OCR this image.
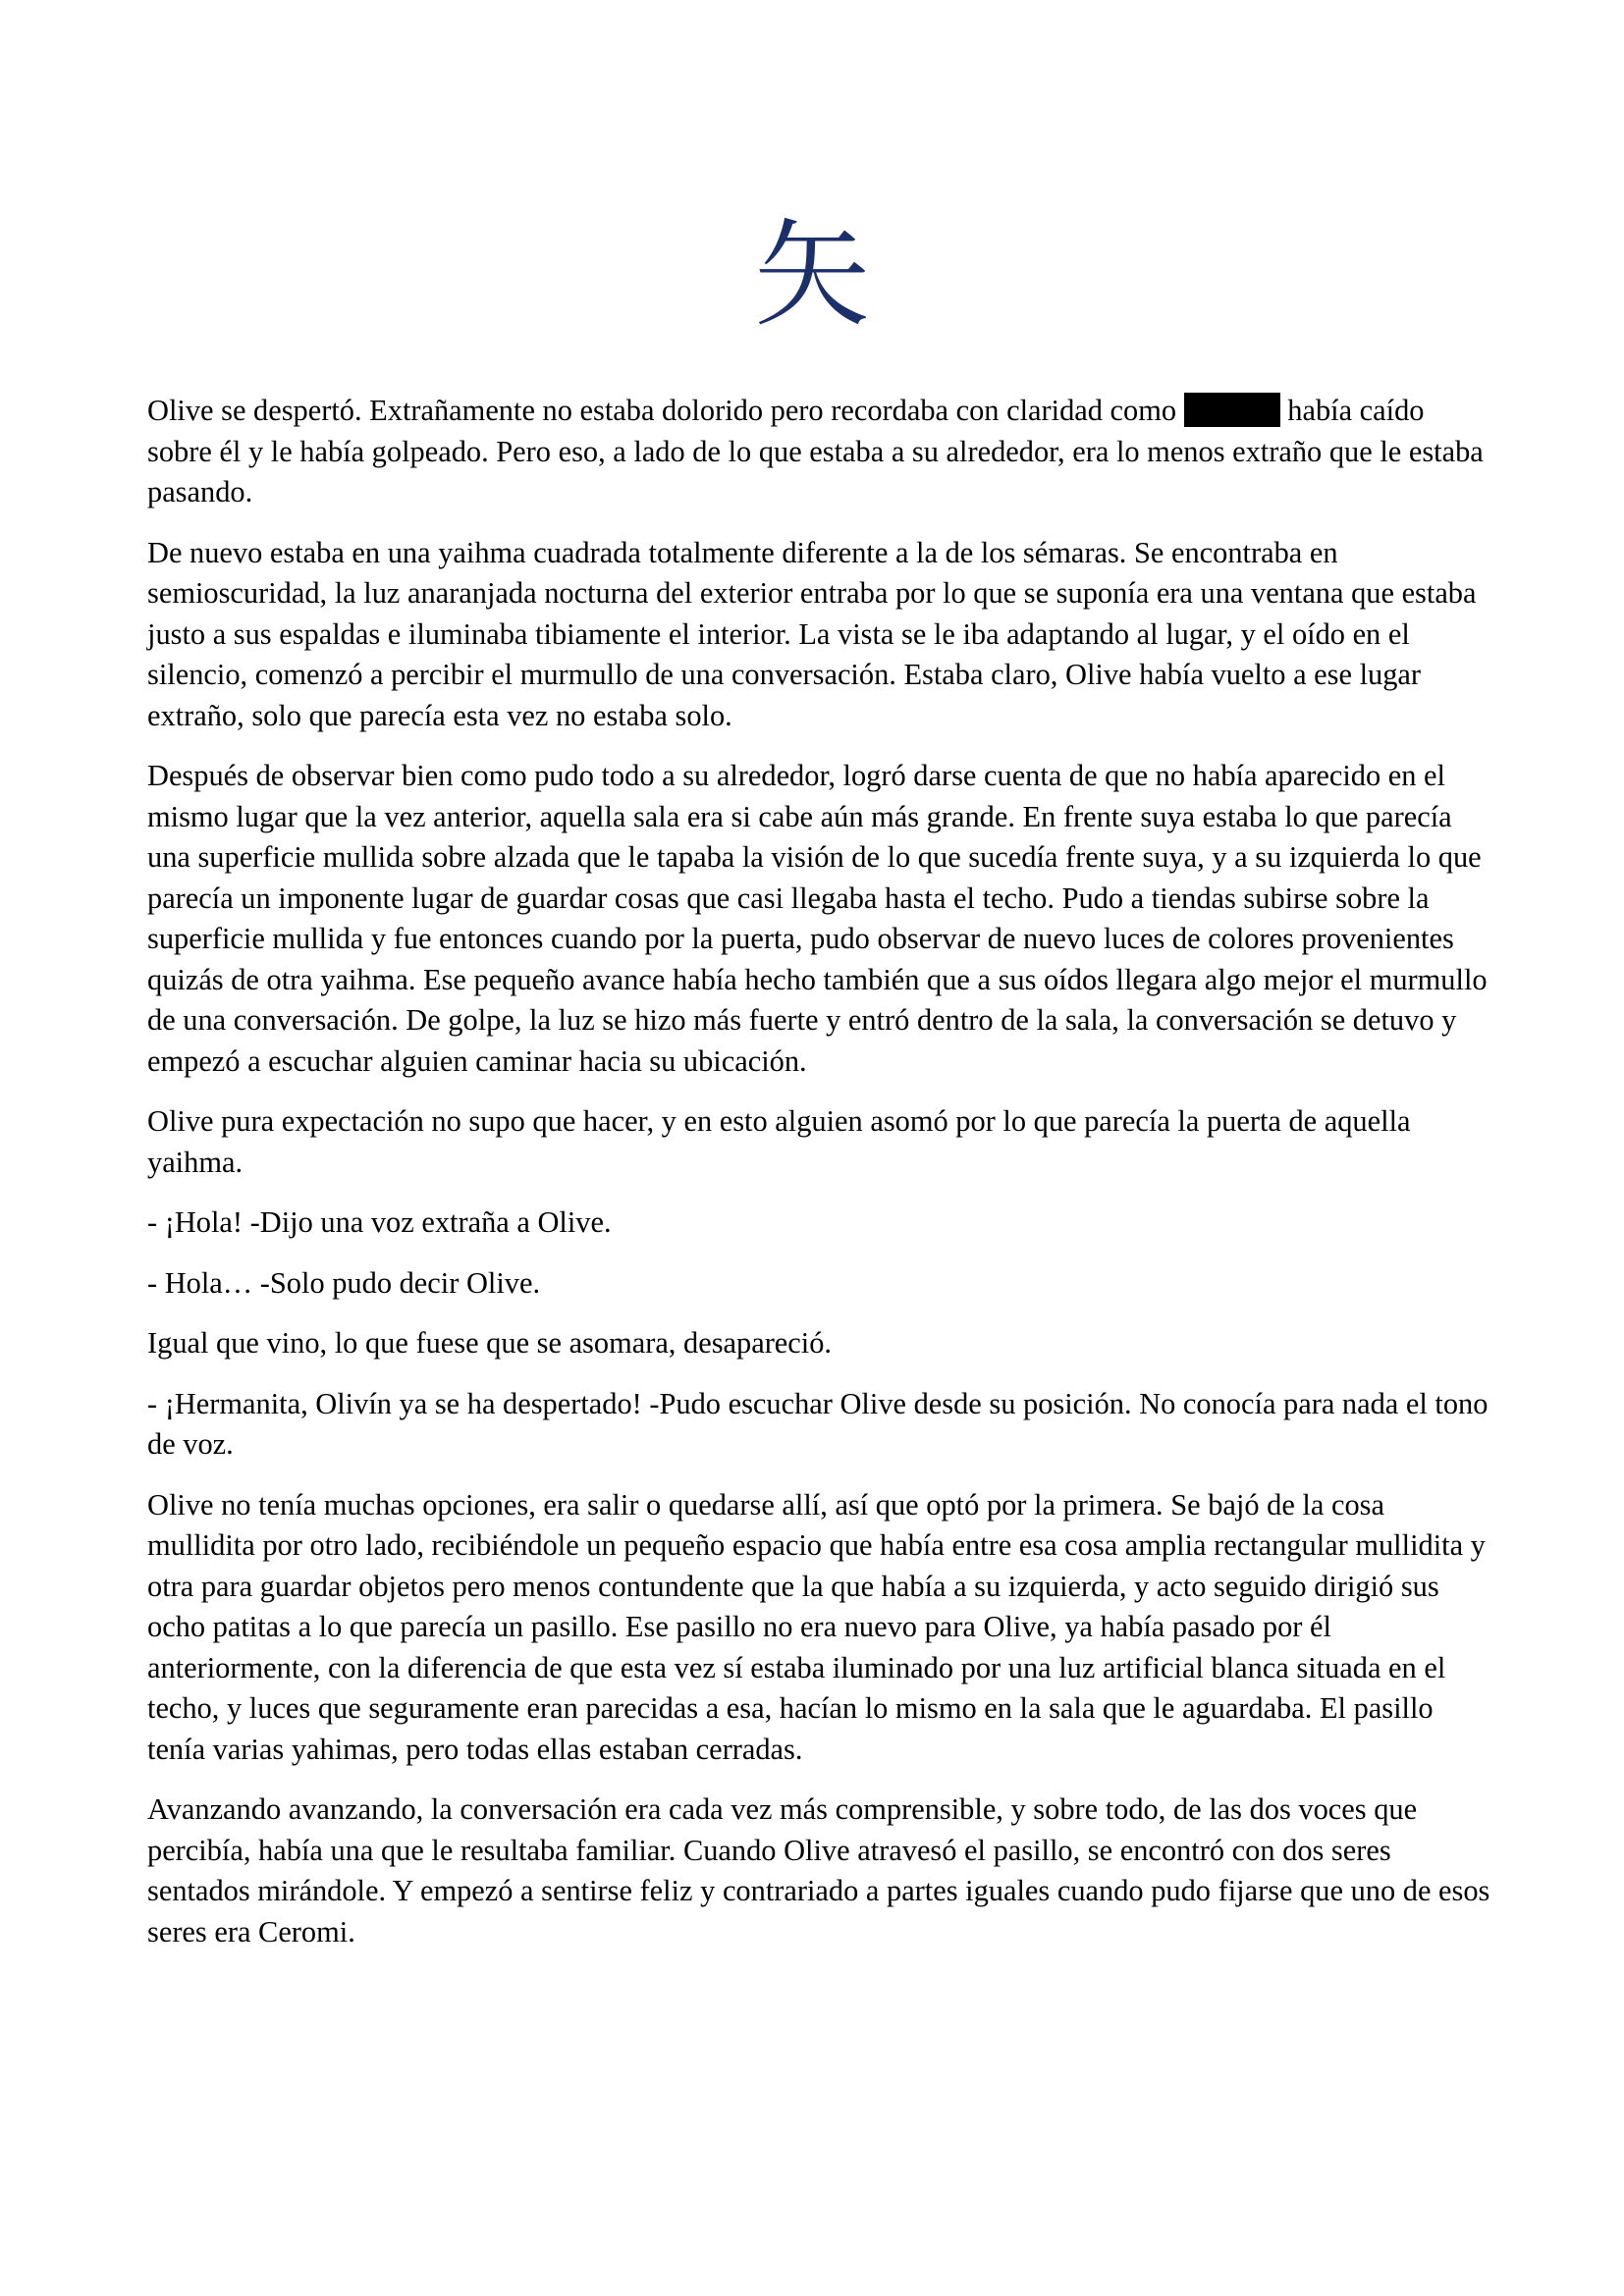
矢

Olive se despertó. Extrañamente no estaba dolorido pero recordaba con claridad como	había caído sobre él y le había golpeado. Pero eso, a lado de lo que estaba a su alrededor, era lo menos extraño que le estaba pasando.

De nuevo estaba en una yaihma cuadrada totalmente diferente a la de los sémaras. Se encontraba en semioscuridad, la luz anaranjada nocturna del exterior entraba por lo que se suponía era una ventana que estaba justo a sus espaldas e iluminaba tibiamente el interior. La vista se le iba adaptando al lugar, y el oído en el silencio, comenzó a percibir el murmullo de una conversación. Estaba claro, Olive había vuelto a ese lugar extraño, solo que parecía esta vez no estaba solo.

Después de observar bien como pudo todo a su alrededor, logró darse cuenta de que no había aparecido en el mismo lugar que la vez anterior, aquella sala era si cabe aún más grande. En frente suya estaba lo que parecía una superficie mullida sobre alzada que le tapaba la visión de lo que sucedía frente suya, y a su izquierda lo que parecía un imponente lugar de guardar cosas que casi llegaba hasta el techo. Pudo a tiendas subirse sobre la superficie mullida y fue entonces cuando por la puerta, pudo observar de nuevo luces de colores provenientes quizás de otra yaihma. Ese pequeño avance había hecho también que a sus oídos llegara algo mejor el murmullo de una conversación. De golpe, la luz se hizo más fuerte y entró dentro de la sala, la conversación se detuvo y empezó a escuchar alguien caminar hacia su ubicación.

Olive pura expectación no supo que hacer, y en esto alguien asomó por lo que parecía la puerta de aquella yaihma.

- ¡Hola! -Dijo una voz extraña a Olive.

- Hola… -Solo pudo decir Olive.

Igual que vino, lo que fuese que se asomara, desapareció.

- ¡Hermanita, Olivín ya se ha despertado! -Pudo escuchar Olive desde su posición. No conocía para nada el tono de voz.

Olive no tenía muchas opciones, era salir o quedarse allí, así que optó por la primera. Se bajó de la cosa mullidita por otro lado, recibiéndole un pequeño espacio que había entre esa cosa amplia rectangular mullidita y otra para guardar objetos pero menos contundente que la que había a su izquierda, y acto seguido dirigió sus ocho patitas a lo que parecía un pasillo. Ese pasillo no era nuevo para Olive, ya había pasado por él anteriormente, con la diferencia de que esta vez sí estaba iluminado por una luz artificial blanca situada en el techo, y luces que seguramente eran parecidas a esa, hacían lo mismo en la sala que le aguardaba. El pasillo tenía varias yahimas, pero todas ellas estaban cerradas.

Avanzando avanzando, la conversación era cada vez más comprensible, y sobre todo, de las dos voces que percibía, había una que le resultaba familiar. Cuando Olive atravesó el pasillo, se encontró con dos seres sentados mirándole. Y empezó a sentirse feliz y contrariado a partes iguales cuando pudo fijarse que uno de esos seres era Ceromi.
